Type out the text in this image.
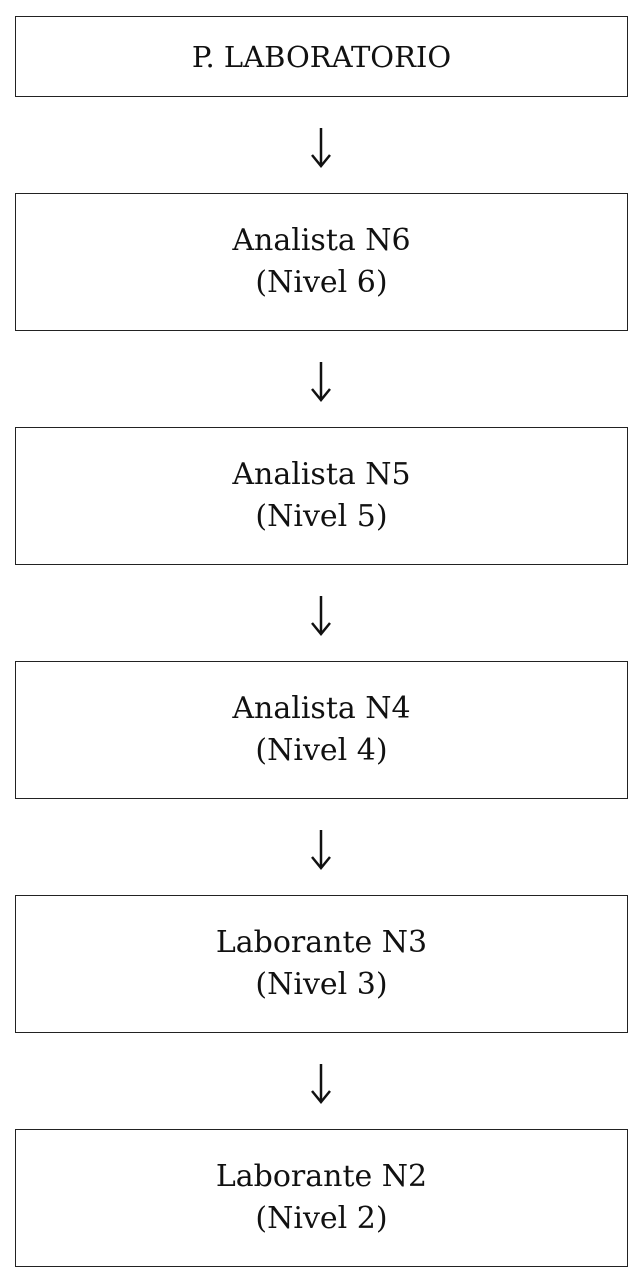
P. LABORATORIO
Analista N6
(Nivel 6)
Analista N5
(Nivel 5)
Analista N4
(Nivel 4)
Laborante N3
(Nivel 3)
Laborante N2
(Nivel 2)
